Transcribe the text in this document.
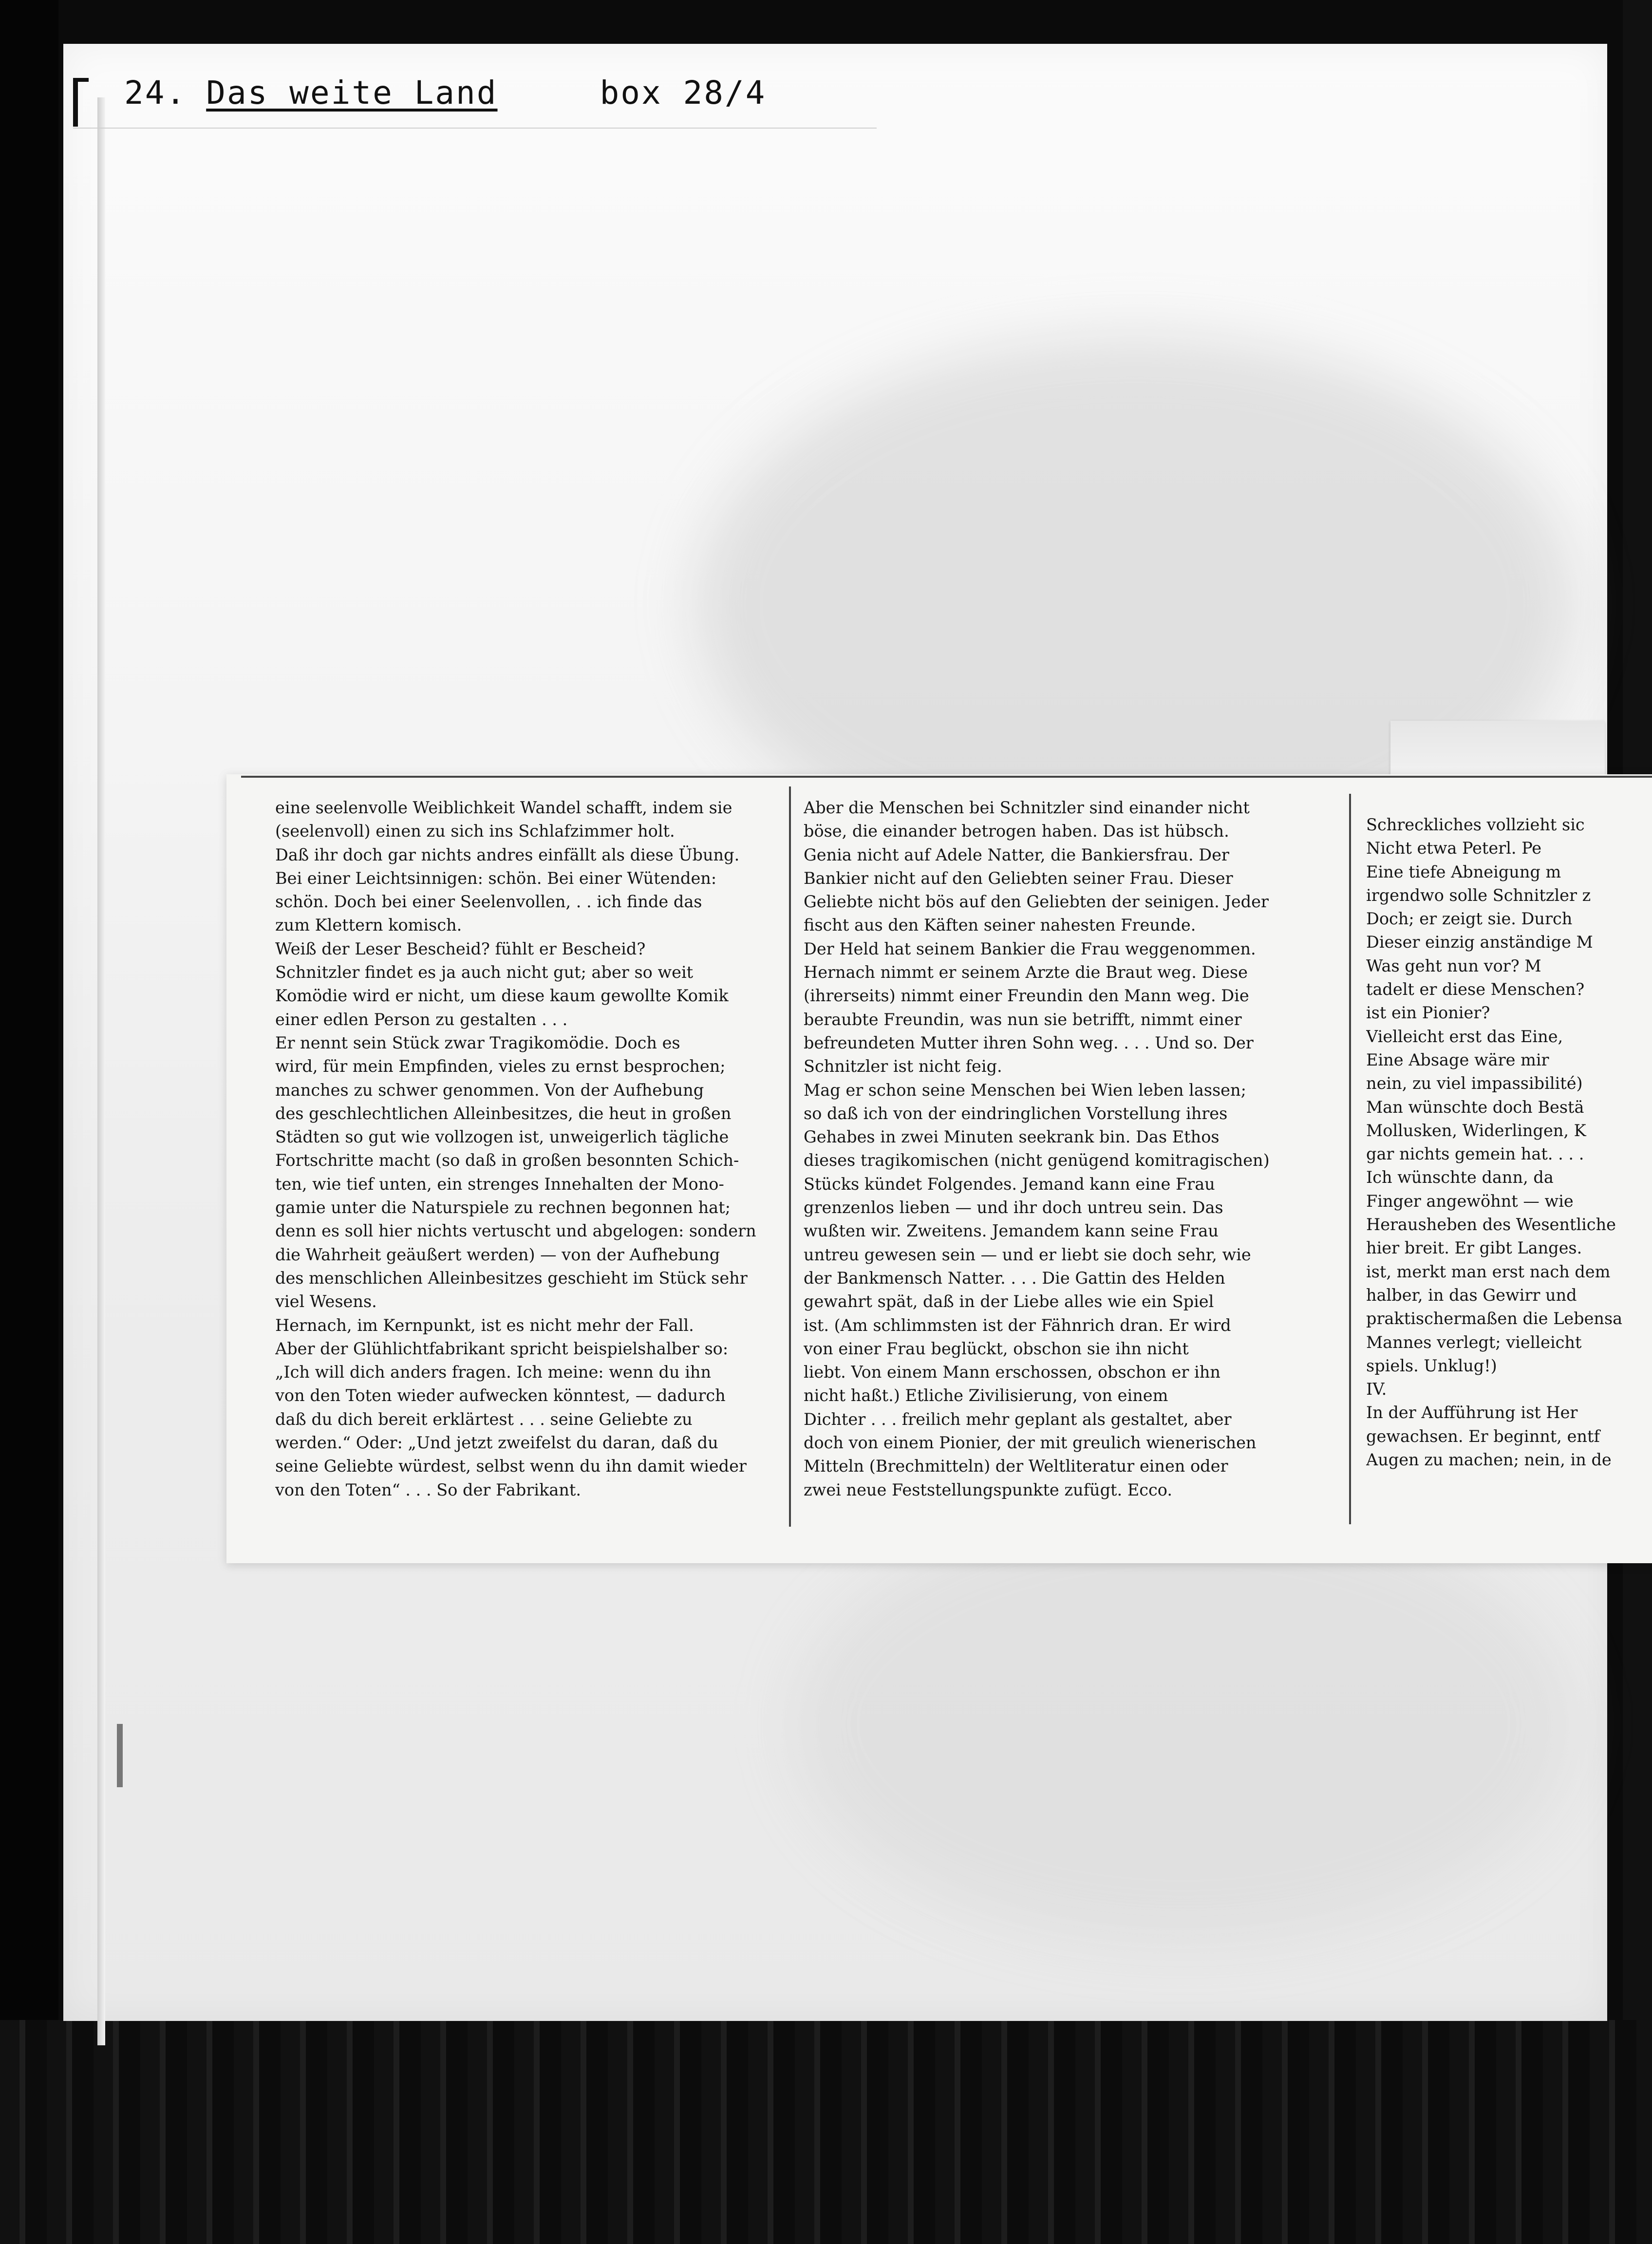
24. Das weite Land	box 28/4
eine seelenvolle Weiblichkeit Wandel schafft, indem sie
(seelenvoll) einen zu sich ins Schlafzimmer holt.
Daß ihr doch gar nichts andres einfällt als diese Übung.
Bei einer Leichtsinnigen: schön. Bei einer Wütenden:
schön. Doch bei einer Seelenvollen, . . ich finde das
zum Klettern komisch.
Weiß der Leser Bescheid? fühlt er Bescheid?
Schnitzler findet es ja auch nicht gut; aber so weit
Komödie wird er nicht, um diese kaum gewollte Komik
einer edlen Person zu gestalten . . .
Er nennt sein Stück zwar Tragikomödie. Doch es
wird, für mein Empfinden, vieles zu ernst besprochen;
manches zu schwer genommen. Von der Aufhebung
des geschlechtlichen Alleinbesitzes, die heut in großen
Städten so gut wie vollzogen ist, unweigerlich tägliche
Fortschritte macht (so daß in großen besonnten Schich-
ten, wie tief unten, ein strenges Innehalten der Mono-
gamie unter die Naturspiele zu rechnen begonnen hat;
denn es soll hier nichts vertuscht und abgelogen: sondern
die Wahrheit geäußert werden) — von der Aufhebung
des menschlichen Alleinbesitzes geschieht im Stück sehr
viel Wesens.
Hernach, im Kernpunkt, ist es nicht mehr der Fall.
Aber der Glühlichtfabrikant spricht beispielshalber so:
„Ich will dich anders fragen. Ich meine: wenn du ihn
von den Toten wieder aufwecken könntest, — dadurch
daß du dich bereit erklärtest . . . seine Geliebte zu
werden.“ Oder: „Und jetzt zweifelst du daran, daß du
seine Geliebte würdest, selbst wenn du ihn damit wieder
von den Toten“ . . . So der Fabrikant.
Aber die Menschen bei Schnitzler sind einander nicht
böse, die einander betrogen haben. Das ist hübsch.
Genia nicht auf Adele Natter, die Bankiersfrau. Der
Bankier nicht auf den Geliebten seiner Frau. Dieser
Geliebte nicht bös auf den Geliebten der seinigen. Jeder
fischt aus den Käften seiner nahesten Freunde.
Der Held hat seinem Bankier die Frau weggenommen.
Hernach nimmt er seinem Arzte die Braut weg. Diese
(ihrerseits) nimmt einer Freundin den Mann weg. Die
beraubte Freundin, was nun sie betrifft, nimmt einer
befreundeten Mutter ihren Sohn weg. . . . Und so. Der
Schnitzler ist nicht feig.
Mag er schon seine Menschen bei Wien leben lassen;
so daß ich von der eindringlichen Vorstellung ihres
Gehabes in zwei Minuten seekrank bin. Das Ethos
dieses tragikomischen (nicht genügend komitragischen)
Stücks kündet Folgendes. Jemand kann eine Frau
grenzenlos lieben — und ihr doch untreu sein. Das
wußten wir. Zweitens. Jemandem kann seine Frau
untreu gewesen sein — und er liebt sie doch sehr, wie
der Bankmensch Natter. . . . Die Gattin des Helden
gewahrt spät, daß in der Liebe alles wie ein Spiel
ist. (Am schlimmsten ist der Fähnrich dran. Er wird
von einer Frau beglückt, obschon sie ihn nicht
liebt. Von einem Mann erschossen, obschon er ihn
nicht haßt.) Etliche Zivilisierung, von einem
Dichter . . . freilich mehr geplant als gestaltet, aber
doch von einem Pionier, der mit greulich wienerischen
Mitteln (Brechmitteln) der Weltliteratur einen oder
zwei neue Feststellungspunkte zufügt. Ecco.
Schreckliches vollzieht sic
Nicht etwa Peterl. Pe
Eine tiefe Abneigung m
irgendwo solle Schnitzler z
Doch; er zeigt sie. Durch
Dieser einzig anständige M
Was geht nun vor? M
tadelt er diese Menschen?
ist ein Pionier?
Vielleicht erst das Eine,
Eine Absage wäre mir
nein, zu viel impassibilité)
Man wünschte doch Bestä
Mollusken, Widerlingen, K
gar nichts gemein hat. . . .
Ich wünschte dann, da
Finger angewöhnt — wie
Herausheben des Wesentliche
hier breit. Er gibt Langes.
ist, merkt man erst nach dem
halber, in das Gewirr und
praktischermaßen die Lebensa
Mannes verlegt; vielleicht
spiels. Unklug!)
IV.
In der Aufführung ist Her
gewachsen. Er beginnt, entf
Augen zu machen; nein, in de
